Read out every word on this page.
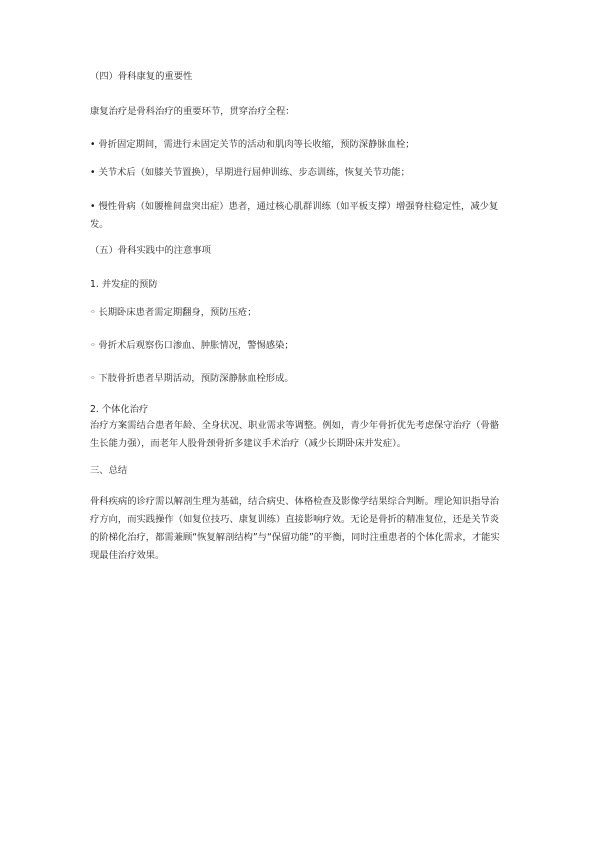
（四）骨科康复的重要性

康复治疗是骨科治疗的重要环节，贯穿治疗全程：

• 骨折固定期间，需进行未固定关节的活动和肌肉等长收缩，预防深静脉血栓；

• 关节术后（如膝关节置换），早期进行屈伸训练、步态训练，恢复关节功能；

• 慢性骨病（如腰椎间盘突出症）患者，通过核心肌群训练（如平板支撑）增强脊柱稳定性，减少复发。

（五）骨科实践中的注意事项

1. 并发症的预防

◦ 长期卧床患者需定期翻身，预防压疮；

◦ 骨折术后观察伤口渗血、肿胀情况，警惕感染；

◦ 下肢骨折患者早期活动，预防深静脉血栓形成。

2. 个体化治疗

治疗方案需结合患者年龄、全身状况、职业需求等调整。例如，青少年骨折优先考虑保守治疗（骨骼生长能力强），而老年人股骨颈骨折多建议手术治疗（减少长期卧床并发症）。

三、总结

骨科疾病的诊疗需以解剖生理为基础，结合病史、体格检查及影像学结果综合判断。理论知识指导治疗方向，而实践操作（如复位技巧、康复训练）直接影响疗效。无论是骨折的精准复位，还是关节炎的阶梯化治疗，都需兼顾“恢复解剖结构”与“保留功能”的平衡，同时注重患者的个体化需求，才能实现最佳治疗效果。
